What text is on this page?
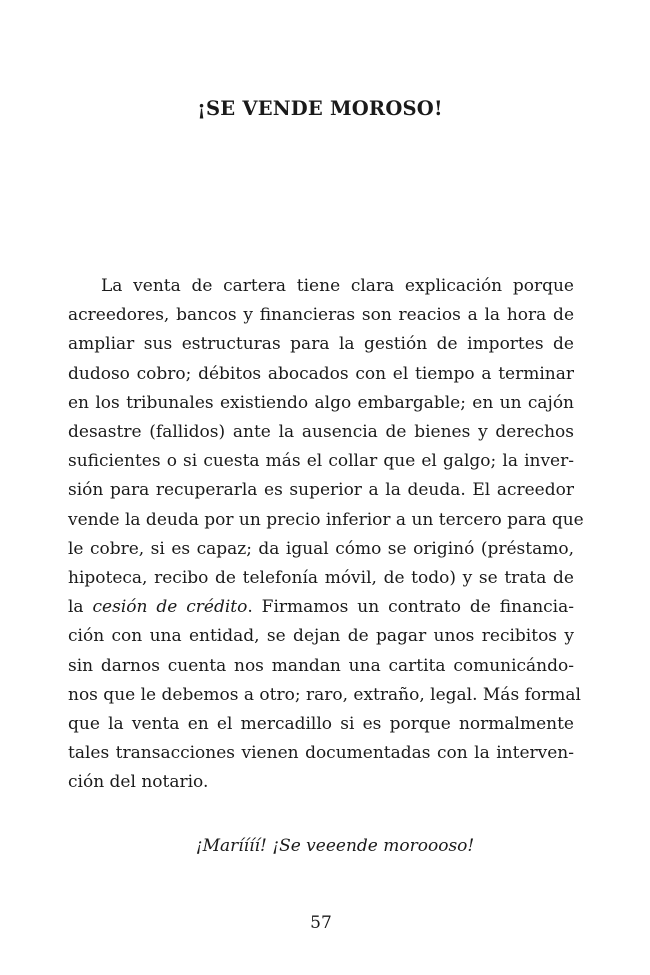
¡SE VENDE MOROSO!

La venta de cartera tiene clara explicación porque
acreedores, bancos y financieras son reacios a la hora de
ampliar sus estructuras para la gestión de importes de
dudoso cobro; débitos abocados con el tiempo a terminar
en los tribunales existiendo algo embargable; en un cajón
desastre (fallidos) ante la ausencia de bienes y derechos
suficientes o si cuesta más el collar que el galgo; la inver-
sión para recuperarla es superior a la deuda. El acreedor
vende la deuda por un precio inferior a un tercero para que
le cobre, si es capaz; da igual cómo se originó (préstamo,
hipoteca, recibo de telefonía móvil, de todo) y se trata de
la cesión de crédito. Firmamos un contrato de financia-
ción con una entidad, se dejan de pagar unos recibitos y
sin darnos cuenta nos mandan una cartita comunicándo-
nos que le debemos a otro; raro, extraño, legal. Más formal
que la venta en el mercadillo si es porque normalmente
tales transacciones vienen documentadas con la interven-
ción del notario.

¡Maríííí! ¡Se veeende moroooso!

57
